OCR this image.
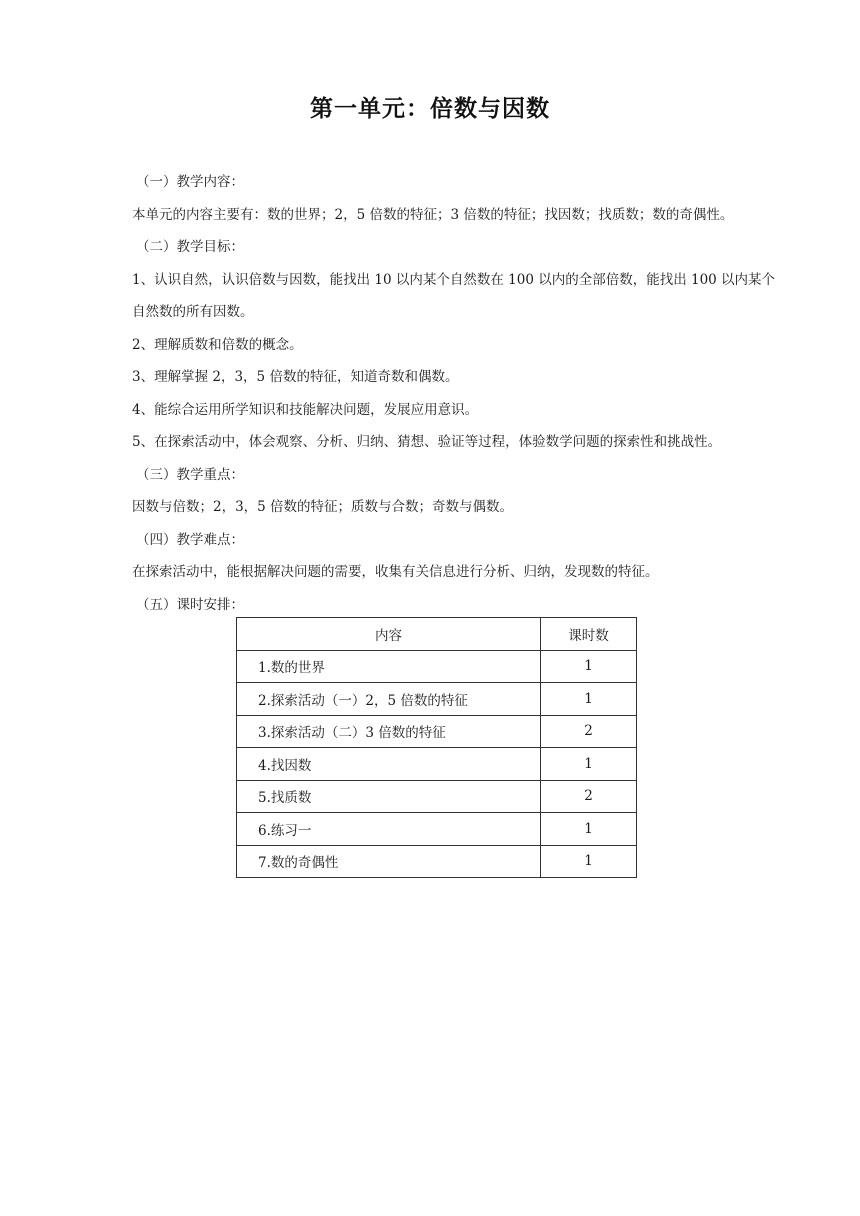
第一单元：倍数与因数

（一）教学内容：

本单元的内容主要有：数的世界；2，5 倍数的特征；3 倍数的特征；找因数；找质数；数的奇偶性。

（二）教学目标：

1、认识自然，认识倍数与因数，能找出 10 以内某个自然数在 100 以内的全部倍数，能找出 100 以内某个自然数的所有因数。

2、理解质数和倍数的概念。

3、理解掌握 2，3，5 倍数的特征，知道奇数和偶数。

4、能综合运用所学知识和技能解决问题，发展应用意识。

5、在探索活动中，体会观察、分析、归纳、猜想、验证等过程，体验数学问题的探索性和挑战性。

（三）教学重点：

因数与倍数；2，3，5 倍数的特征；质数与合数；奇数与偶数。

（四）教学难点：

在探索活动中，能根据解决问题的需要，收集有关信息进行分析、归纳，发现数的特征。

（五）课时安排：

内容	课时数
1.数的世界	1
2.探索活动（一）2，5 倍数的特征	1
3.探索活动（二）3 倍数的特征	2
4.找因数	1
5.找质数	2
6.练习一	1
7.数的奇偶性	1
